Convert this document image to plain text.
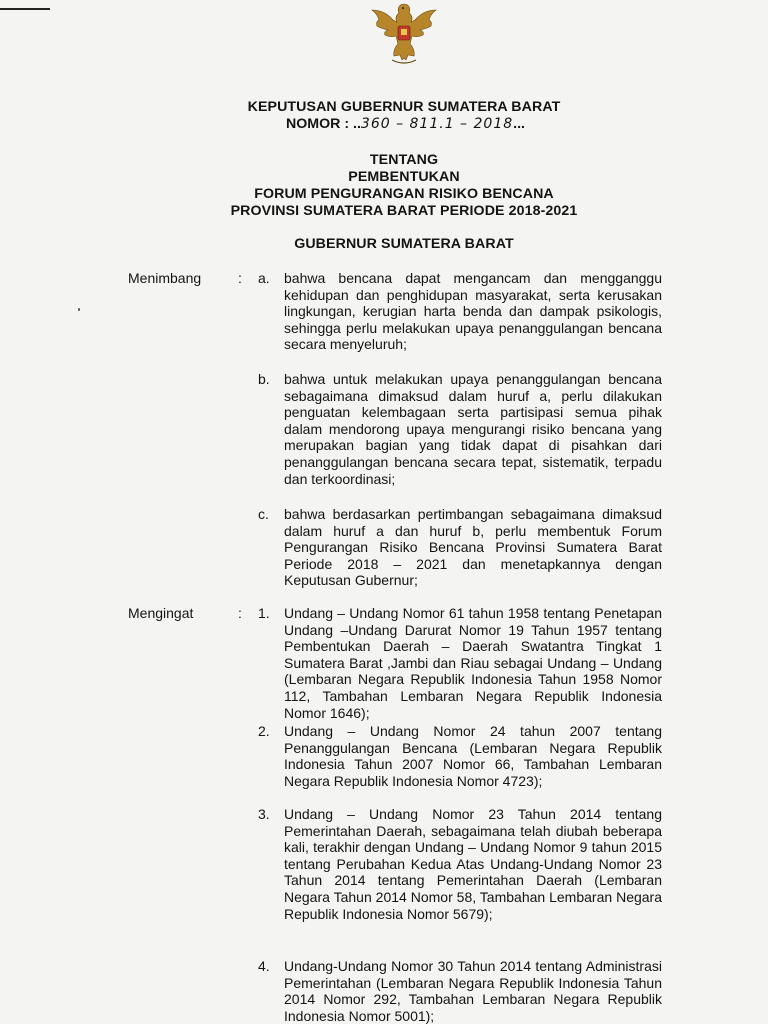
KEPUTUSAN GUBERNUR SUMATERA BARAT
NOMOR : ..360 – 811.1 – 2018...
TENTANG
PEMBENTUKAN
FORUM PENGURANGAN RISIKO BENCANA
PROVINSI SUMATERA BARAT PERIODE 2018-2021
GUBERNUR SUMATERA BARAT
Menimbang	: a. bahwa bencana dapat mengancam dan mengganggu kehidupan dan penghidupan masyarakat, serta kerusakan lingkungan, kerugian harta benda dan dampak psikologis, sehingga perlu melakukan upaya penanggulangan bencana secara menyeluruh;
b. bahwa untuk melakukan upaya penanggulangan bencana sebagaimana dimaksud dalam huruf a, perlu dilakukan penguatan kelembagaan serta partisipasi semua pihak dalam mendorong upaya mengurangi risiko bencana yang merupakan bagian yang tidak dapat di pisahkan dari penanggulangan bencana secara tepat, sistematik, terpadu dan terkoordinasi;
c. bahwa berdasarkan pertimbangan sebagaimana dimaksud dalam huruf a dan huruf b, perlu membentuk Forum Pengurangan Risiko Bencana Provinsi Sumatera Barat Periode 2018 – 2021 dan menetapkannya dengan Keputusan Gubernur;
Mengingat	: 1. Undang – Undang Nomor 61 tahun 1958 tentang Penetapan Undang –Undang Darurat Nomor 19 Tahun 1957 tentang Pembentukan Daerah – Daerah Swatantra Tingkat 1 Sumatera Barat ,Jambi dan Riau sebagai Undang – Undang (Lembaran Negara Republik Indonesia Tahun 1958 Nomor 112, Tambahan Lembaran Negara Republik Indonesia Nomor 1646);
2. Undang – Undang Nomor 24 tahun 2007 tentang Penanggulangan Bencana (Lembaran Negara Republik Indonesia Tahun 2007 Nomor 66, Tambahan Lembaran Negara Republik Indonesia Nomor 4723);
3. Undang – Undang Nomor 23 Tahun 2014 tentang Pemerintahan Daerah, sebagaimana telah diubah beberapa kali, terakhir dengan Undang – Undang Nomor 9 tahun 2015 tentang Perubahan Kedua Atas Undang-Undang Nomor 23 Tahun 2014 tentang Pemerintahan Daerah (Lembaran Negara Tahun 2014 Nomor 58, Tambahan Lembaran Negara Republik Indonesia Nomor 5679);
4. Undang-Undang Nomor 30 Tahun 2014 tentang Administrasi Pemerintahan (Lembaran Negara Republik Indonesia Tahun 2014 Nomor 292, Tambahan Lembaran Negara Republik Indonesia Nomor 5001);
